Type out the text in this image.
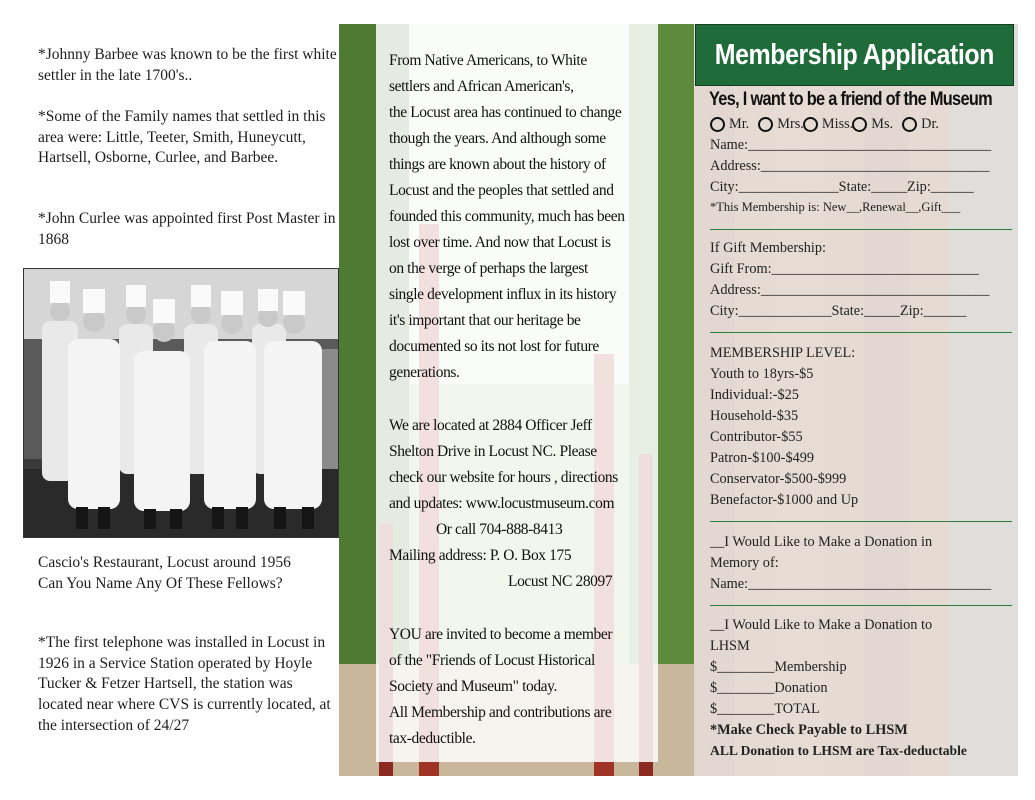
*Johnny Barbee was known to be the first white settler in the late 1700's..

*Some of the Family names that settled in this area were: Little, Teeter, Smith, Huneycutt, Hartsell, Osborne, Curlee, and Barbee.

*John Curlee was appointed first Post Master in 1868

Cascio's Restaurant, Locust around 1956
Can You Name Any Of These Fellows?

*The first telephone was installed in Locust in 1926 in a Service Station operated by Hoyle Tucker & Fetzer Hartsell, the station was located near where CVS is currently located, at the intersection of 24/27

From Native Americans, to White
settlers and African American's,
the Locust area has continued to change
though the years. And although some
things are known about the history of
Locust and the peoples that settled and
founded this community, much has been
lost over time. And now that Locust is
on the verge of perhaps the largest
single development influx in its history
it's important that our heritage be
documented so its not lost for future
generations.

We are located at 2884 Officer Jeff
Shelton Drive in Locust NC. Please
check our website for hours , directions
and updates: www.locustmuseum.com
Or call 704-888-8413
Mailing address: P. O. Box 175
Locust NC 28097

YOU are invited to become a member
of the "Friends of Locust Historical
Society and Museum" today.
All Membership and contributions are
tax-deductible.

Membership Application
Yes, I want to be a friend of the Museum
Mr. Mrs. Miss. Ms. Dr.
Name:__________________________________
Address:________________________________
City:______________State:_____Zip:______
*This Membership is: New__,Renewal__,Gift___
If Gift Membership:
Gift From:_____________________________
Address:________________________________
City:_____________State:_____Zip:______
MEMBERSHIP LEVEL:
Youth to 18yrs-$5
Individual:-$25
Household-$35
Contributor-$55
Patron-$100-$499
Conservator-$500-$999
Benefactor-$1000 and Up
__I Would Like to Make a Donation in
Memory of:
Name:__________________________________
__I Would Like to Make a Donation to
LHSM
$________Membership
$________Donation
$________TOTAL
*Make Check Payable to LHSM
ALL Donation to LHSM are Tax-deductable
